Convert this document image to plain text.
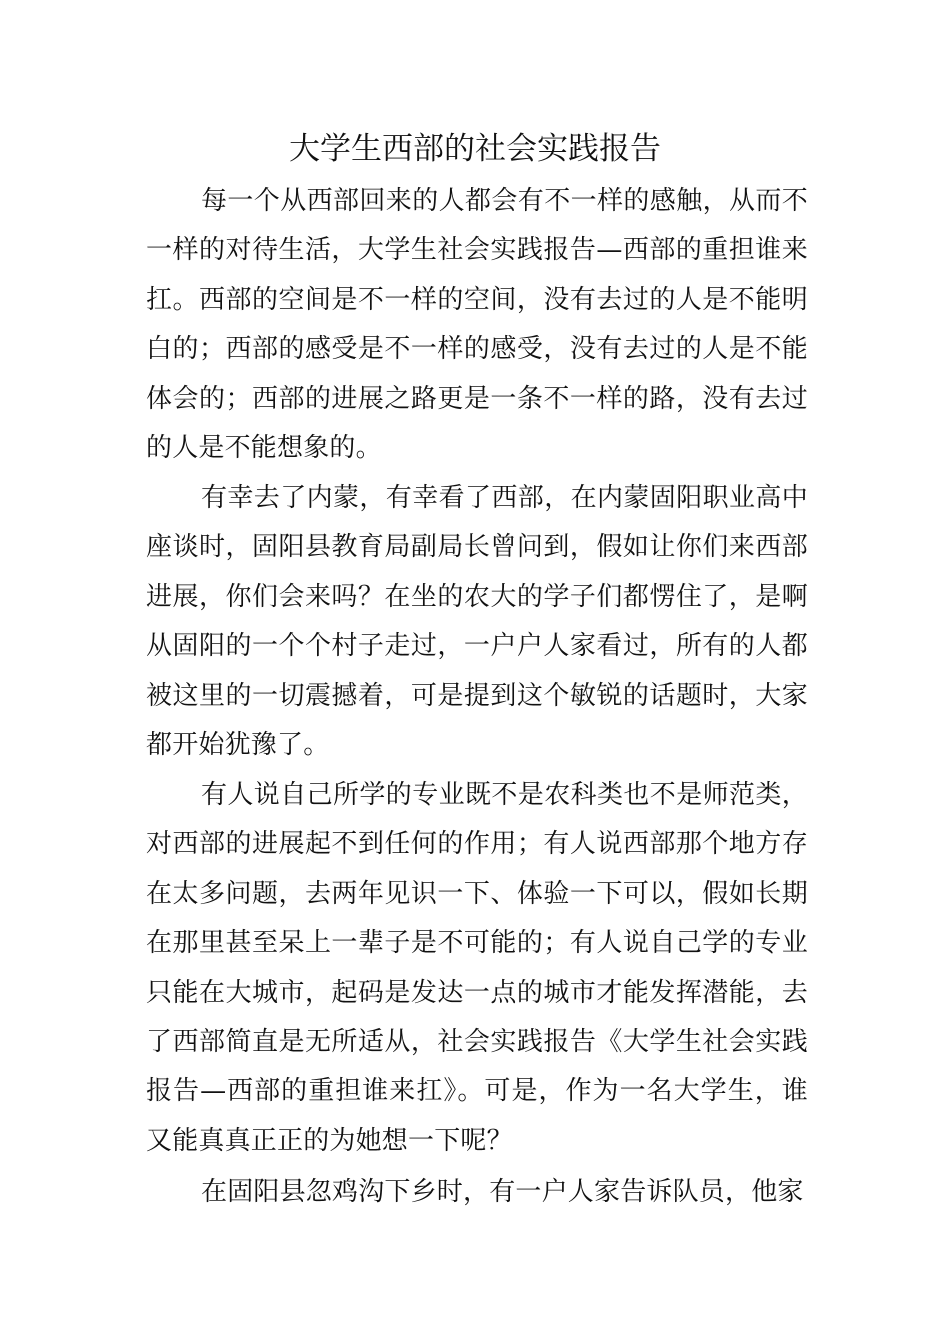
大学生西部的社会实践报告

每一个从西部回来的人都会有不一样的感触，从而不一样的对待生活，大学生社会实践报告—西部的重担谁来扛。西部的空间是不一样的空间，没有去过的人是不能明白的；西部的感受是不一样的感受，没有去过的人是不能体会的；西部的进展之路更是一条不一样的路，没有去过的人是不能想象的。

有幸去了内蒙，有幸看了西部，在内蒙固阳职业高中座谈时，固阳县教育局副局长曾问到，假如让你们来西部进展，你们会来吗？在坐的农大的学子们都愣住了，是啊从固阳的一个个村子走过，一户户人家看过，所有的人都被这里的一切震撼着，可是提到这个敏锐的话题时，大家都开始犹豫了。

有人说自己所学的专业既不是农科类也不是师范类，对西部的进展起不到任何的作用；有人说西部那个地方存在太多问题，去两年见识一下、体验一下可以，假如长期在那里甚至呆上一辈子是不可能的；有人说自己学的专业只能在大城市，起码是发达一点的城市才能发挥潜能，去了西部简直是无所适从，社会实践报告《大学生社会实践报告—西部的重担谁来扛》。可是，作为一名大学生，谁又能真真正正的为她想一下呢？

在固阳县忽鸡沟下乡时，有一户人家告诉队员，他家
